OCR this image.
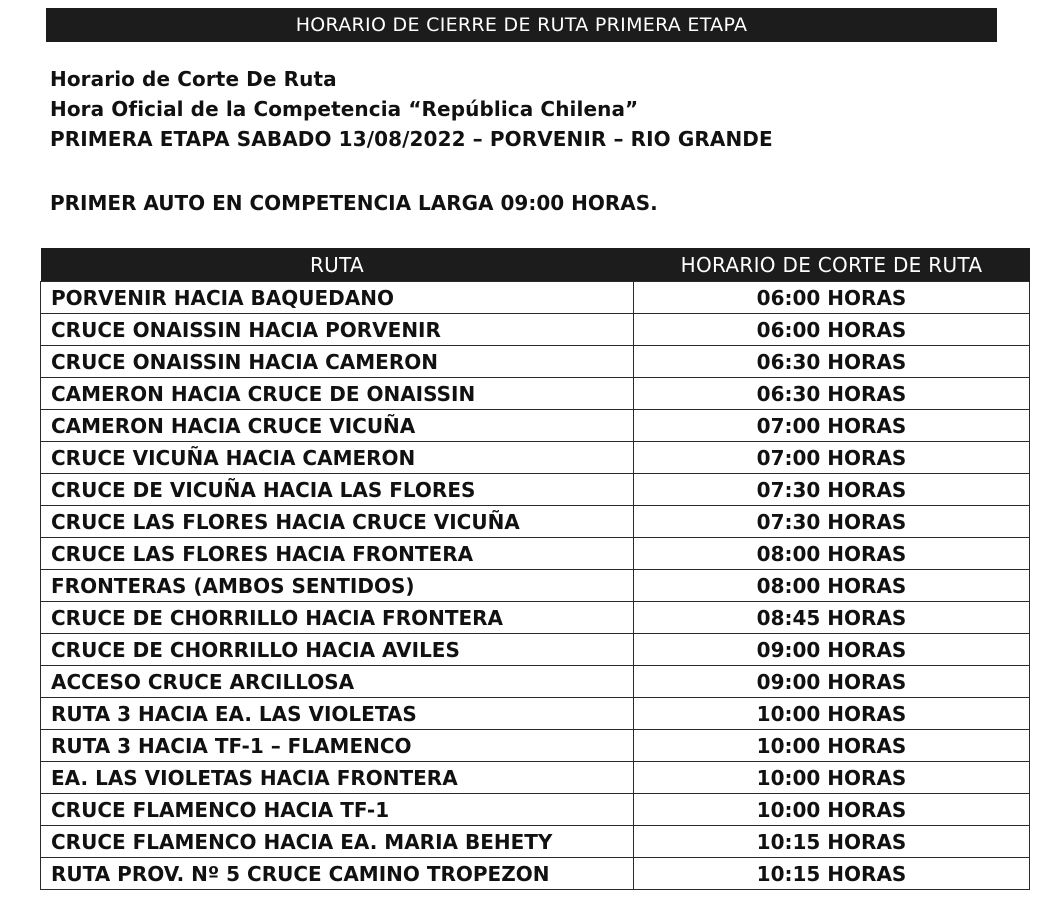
HORARIO DE CIERRE DE RUTA PRIMERA ETAPA
Horario de Corte De Ruta
Hora Oficial de la Competencia “República Chilena”
PRIMERA ETAPA SABADO 13/08/2022 – PORVENIR – RIO GRANDE
PRIMER AUTO EN COMPETENCIA LARGA 09:00 HORAS.
RUTA	HORARIO DE CORTE DE RUTA
PORVENIR HACIA BAQUEDANO	06:00 HORAS
CRUCE ONAISSIN HACIA PORVENIR	06:00 HORAS
CRUCE ONAISSIN HACIA CAMERON	06:30 HORAS
CAMERON HACIA CRUCE DE ONAISSIN	06:30 HORAS
CAMERON HACIA CRUCE VICUÑA	07:00 HORAS
CRUCE VICUÑA HACIA CAMERON	07:00 HORAS
CRUCE DE VICUÑA HACIA LAS FLORES	07:30 HORAS
CRUCE LAS FLORES HACIA CRUCE VICUÑA	07:30 HORAS
CRUCE LAS FLORES HACIA FRONTERA	08:00 HORAS
FRONTERAS (AMBOS SENTIDOS)	08:00 HORAS
CRUCE DE CHORRILLO HACIA FRONTERA	08:45 HORAS
CRUCE DE CHORRILLO HACIA AVILES	09:00 HORAS
ACCESO CRUCE ARCILLOSA	09:00 HORAS
RUTA 3 HACIA EA. LAS VIOLETAS	10:00 HORAS
RUTA 3 HACIA TF-1 – FLAMENCO	10:00 HORAS
EA. LAS VIOLETAS HACIA FRONTERA	10:00 HORAS
CRUCE FLAMENCO HACIA TF-1	10:00 HORAS
CRUCE FLAMENCO HACIA EA. MARIA BEHETY	10:15 HORAS
RUTA PROV. Nº 5 CRUCE CAMINO TROPEZON	10:15 HORAS
